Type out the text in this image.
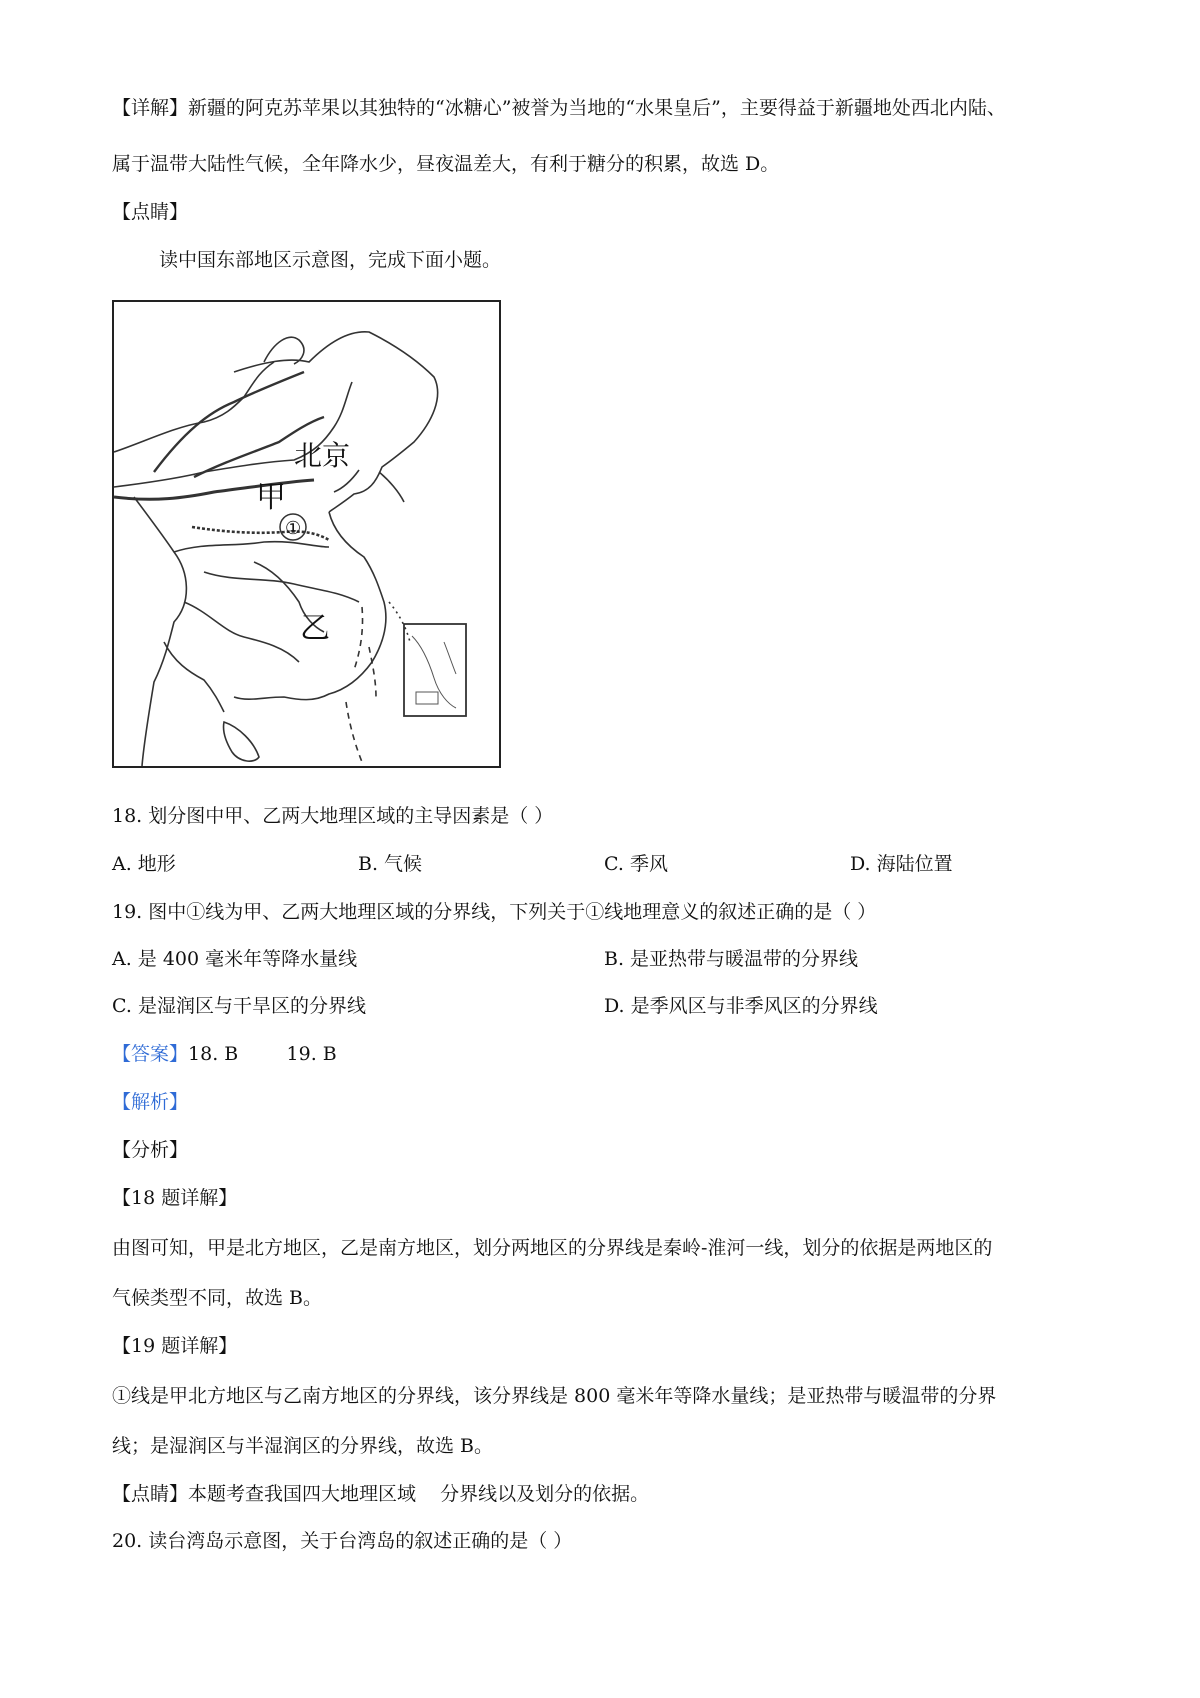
【详解】新疆的阿克苏苹果以其独特的“冰糖心”被誉为当地的“水果皇后”，主要得益于新疆地处西北内陆、
属于温带大陆性气候，全年降水少，昼夜温差大，有利于糖分的积累，故选 D。
【点睛】
读中国东部地区示意图，完成下面小题。
北京
甲
乙
①
18. 划分图中甲、乙两大地理区域的主导因素是（ ）
A. 地形	B. 气候	C. 季风	D. 海陆位置
19. 图中①线为甲、乙两大地理区域的分界线，下列关于①线地理意义的叙述正确的是（ ）
A. 是 400 毫米年等降水量线	B. 是亚热带与暖温带的分界线
C. 是湿润区与干旱区的分界线	D. 是季风区与非季风区的分界线
【答案】18. B        19. B
【解析】
【分析】
【18 题详解】
由图可知，甲是北方地区，乙是南方地区，划分两地区的分界线是秦岭-淮河一线，划分的依据是两地区的
气候类型不同，故选 B。
【19 题详解】
①线是甲北方地区与乙南方地区的分界线，该分界线是 800 毫米年等降水量线；是亚热带与暖温带的分界
线；是湿润区与半湿润区的分界线，故选 B。
【点睛】本题考查我国四大地理区域    分界线以及划分的依据。
20. 读台湾岛示意图，关于台湾岛的叙述正确的是（ ）
